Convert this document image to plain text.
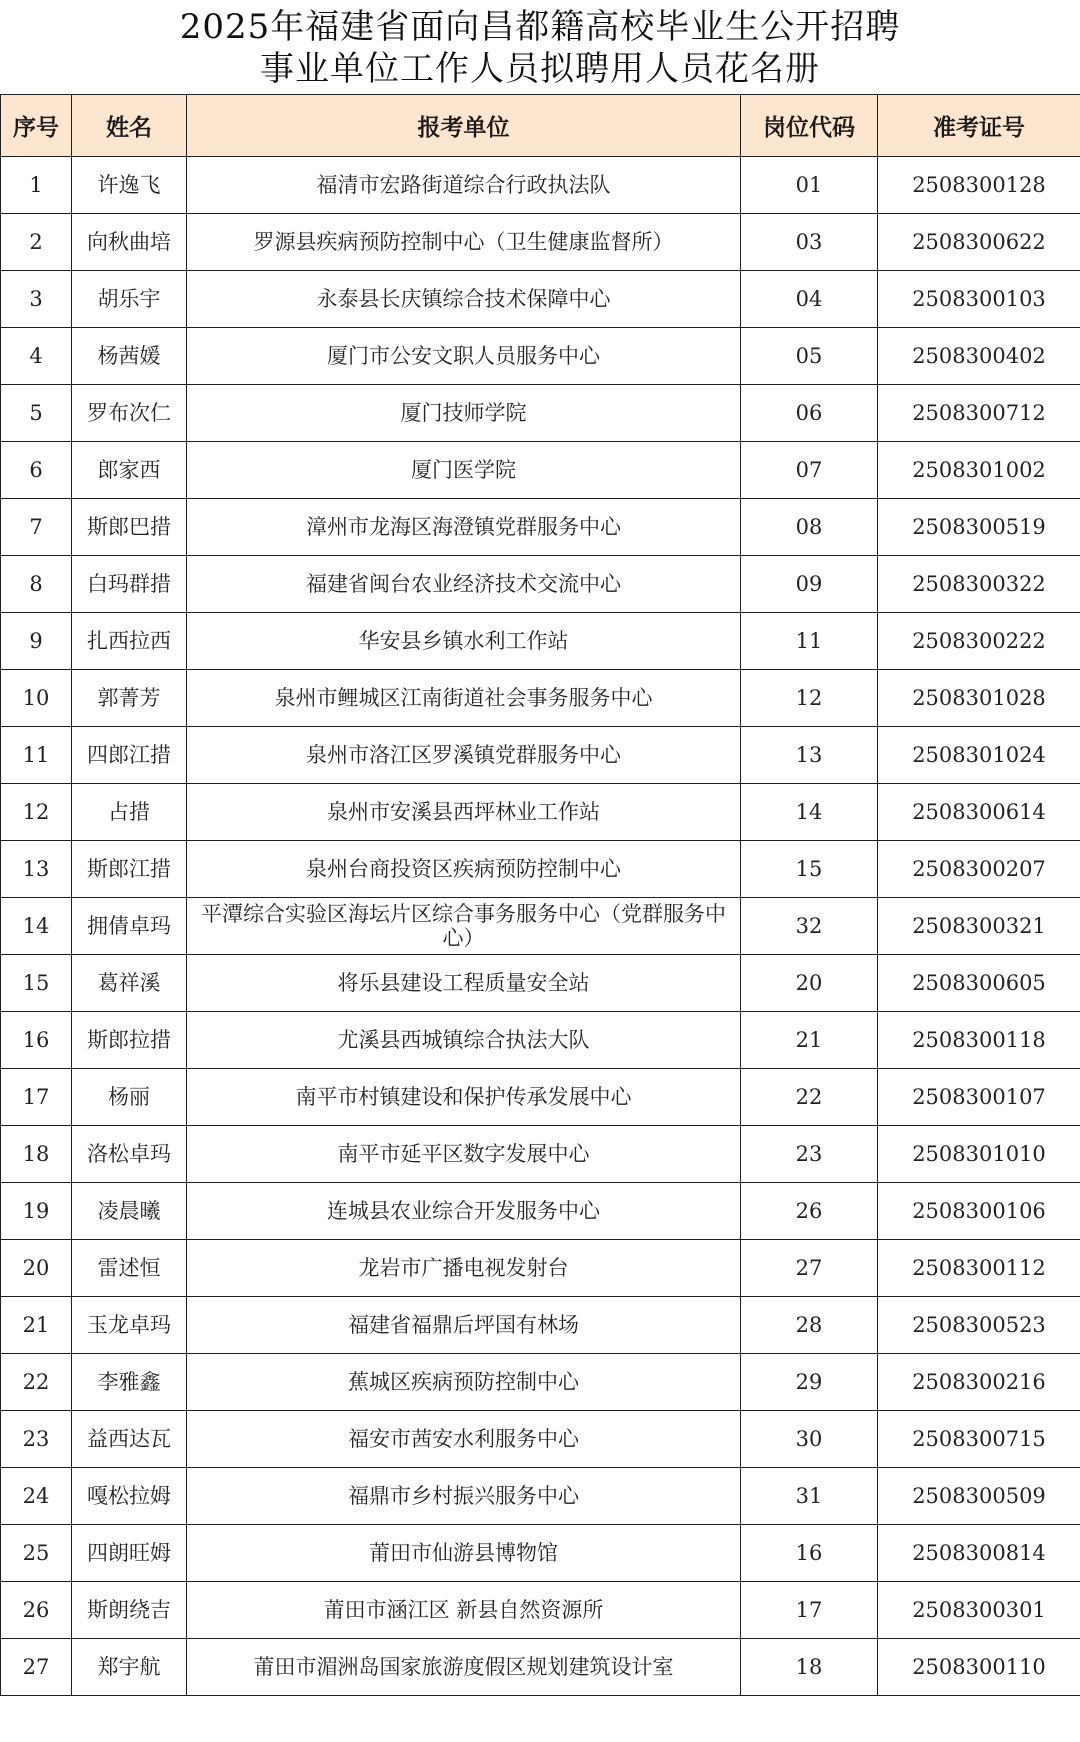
2025年福建省面向昌都籍高校毕业生公开招聘
事业单位工作人员拟聘用人员花名册
序号	姓名	报考单位	岗位代码	准考证号
1	许逸飞	福清市宏路街道综合行政执法队	01	2508300128
2	向秋曲培	罗源县疾病预防控制中心（卫生健康监督所）	03	2508300622
3	胡乐宇	永泰县长庆镇综合技术保障中心	04	2508300103
4	杨茜媛	厦门市公安文职人员服务中心	05	2508300402
5	罗布次仁	厦门技师学院	06	2508300712
6	郎家西	厦门医学院	07	2508301002
7	斯郎巴措	漳州市龙海区海澄镇党群服务中心	08	2508300519
8	白玛群措	福建省闽台农业经济技术交流中心	09	2508300322
9	扎西拉西	华安县乡镇水利工作站	11	2508300222
10	郭菁芳	泉州市鲤城区江南街道社会事务服务中心	12	2508301028
11	四郎江措	泉州市洛江区罗溪镇党群服务中心	13	2508301024
12	占措	泉州市安溪县西坪林业工作站	14	2508300614
13	斯郎江措	泉州台商投资区疾病预防控制中心	15	2508300207
14	拥倩卓玛	平潭综合实验区海坛片区综合事务服务中心（党群服务中心）	32	2508300321
15	葛祥溪	将乐县建设工程质量安全站	20	2508300605
16	斯郎拉措	尤溪县西城镇综合执法大队	21	2508300118
17	杨丽	南平市村镇建设和保护传承发展中心	22	2508300107
18	洛松卓玛	南平市延平区数字发展中心	23	2508301010
19	凌晨曦	连城县农业综合开发服务中心	26	2508300106
20	雷述恒	龙岩市广播电视发射台	27	2508300112
21	玉龙卓玛	福建省福鼎后坪国有林场	28	2508300523
22	李雅鑫	蕉城区疾病预防控制中心	29	2508300216
23	益西达瓦	福安市茜安水利服务中心	30	2508300715
24	嘎松拉姆	福鼎市乡村振兴服务中心	31	2508300509
25	四朗旺姆	莆田市仙游县博物馆	16	2508300814
26	斯朗绕吉	莆田市涵江区 新县自然资源所	17	2508300301
27	郑宇航	莆田市湄洲岛国家旅游度假区规划建筑设计室	18	2508300110
